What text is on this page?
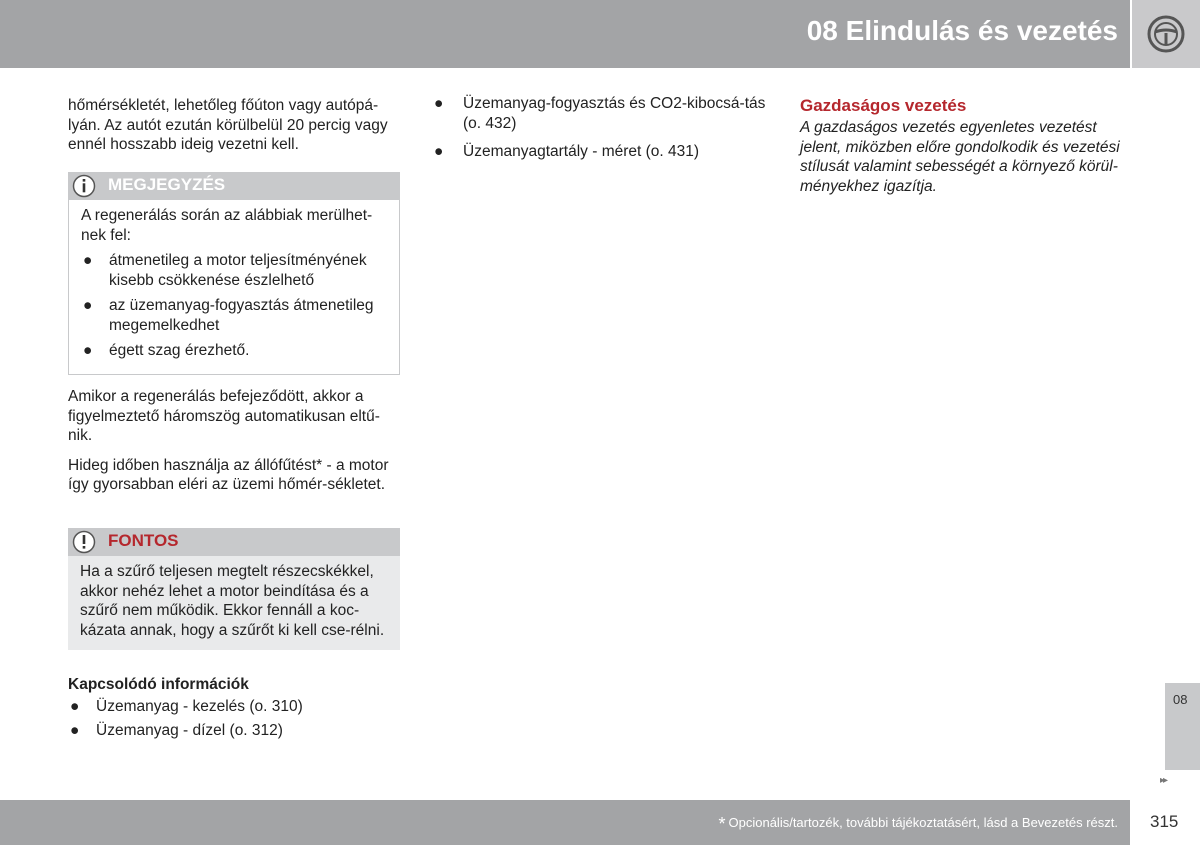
08 Elindulás és vezetés
hőmérsékletét, lehetőleg főúton vagy autópá-lyán. Az autót ezután körülbelül 20 percig vagy ennél hosszabb ideig vezetni kell.
MEGJEGYZÉS
A regenerálás során az alábbiak merülhet-nek fel:
● átmenetileg a motor teljesítményének kisebb csökkenése észlelhető
● az üzemanyag-fogyasztás átmenetileg megemelkedhet
● égett szag érezhető.
Amikor a regenerálás befejeződött, akkor a figyelmeztető háromszög automatikusan eltű-nik.
Hideg időben használja az állófűtést* - a motor így gyorsabban eléri az üzemi hőmér-sékletet.
FONTOS
Ha a szűrő teljesen megtelt részecskékkel, akkor nehéz lehet a motor beindítása és a szűrő nem működik. Ekkor fennáll a koc-kázata annak, hogy a szűrőt ki kell cse-rélni.
Kapcsolódó információk
● Üzemanyag - kezelés (o. 310)
● Üzemanyag - dízel (o. 312)
● Üzemanyag-fogyasztás és CO2-kibocsá-tás (o. 432)
● Üzemanyagtartály - méret (o. 431)
Gazdaságos vezetés
A gazdaságos vezetés egyenletes vezetést jelent, miközben előre gondolkodik és vezetési stílusát valamint sebességét a környező körül-ményekhez igazítja.
08
▸▸
* Opcionális/tartozék, további tájékoztatásért, lásd a Bevezetés részt. 315
